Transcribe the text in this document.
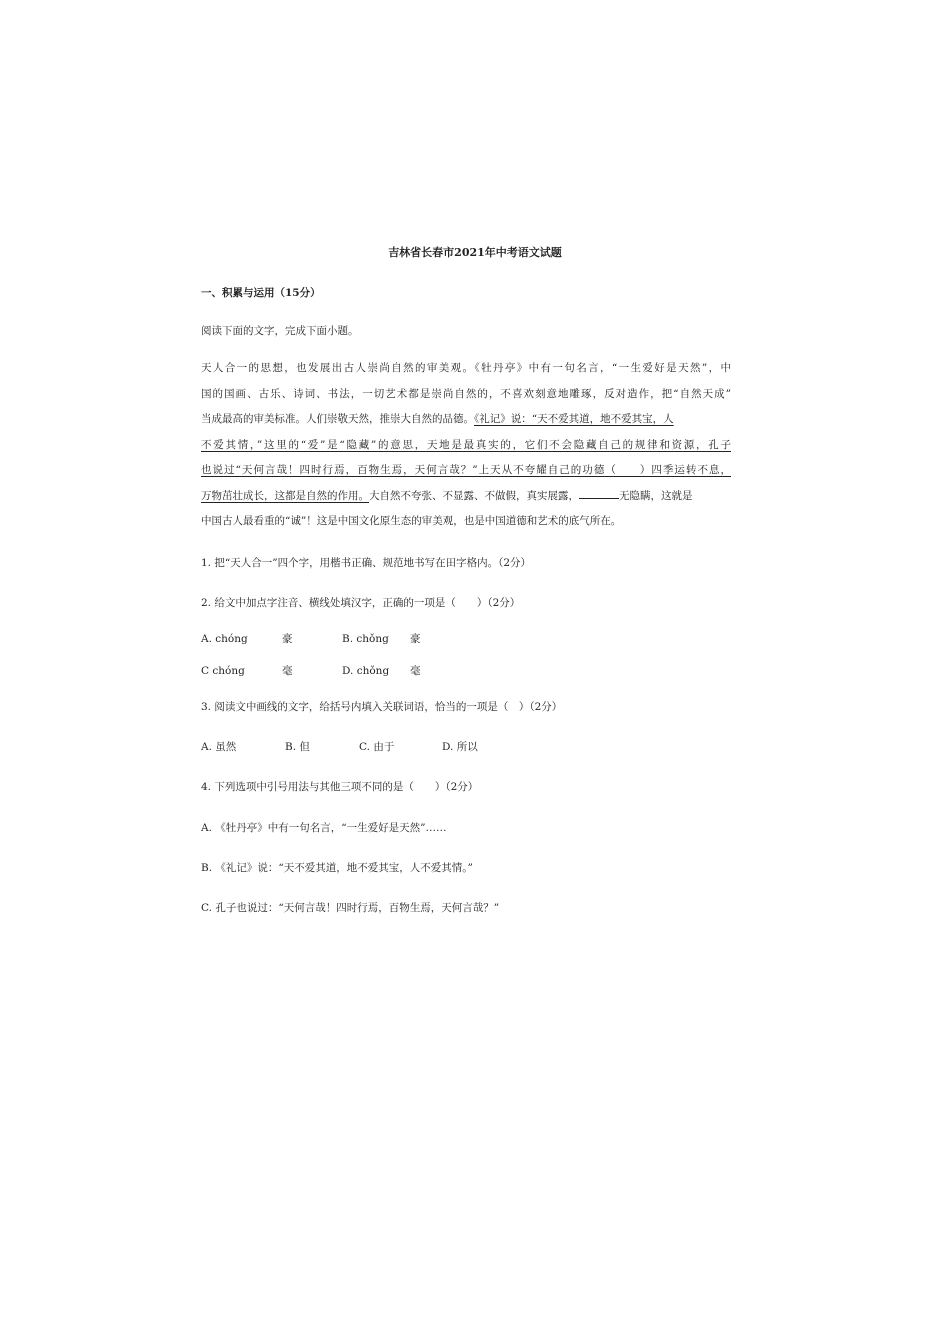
吉林省长春市2021年中考语文试题
一、积累与运用（15分）
阅读下面的文字，完成下面小题。
天人合一的思想，也发展出古人崇尚自然的审美观。《牡丹亭》中有一句名言，“一生爱好是天然”，中
国的国画、古乐、诗词、书法，一切艺术都是崇尚自然的，不喜欢刻意地雕琢，反对造作，把“自然天成”
当成最高的审美标准。人们崇敬天然，推崇大自然的品德。《礼记》说：“天不爱其道，地不爱其宝，人
不爱其情，”这里的“爱”是“隐藏”的意思，天地是最真实的，它们不会隐藏自己的规律和资源，孔子
也说过“天何言哉！四时行焉，百物生焉，天何言哉？”上天从不夸耀自己的功德（　　）四季运转不息，
万物茁壮成长，这都是自然的作用。大自然不夸张、不显露、不做假，真实展露，	无隐瞒，这就是
中国古人最看重的“诚”！这是中国文化原生态的审美观，也是中国道德和艺术的底气所在。
1. 把“天人合一”四个字，用楷书正确、规范地书写在田字格内。（2分）
2. 给文中加点字注音、横线处填汉字，正确的一项是（　　）（2分）
A. chóng	豪	B. chǒng 豪
C chóng	毫	D. chǒng 毫
3. 阅读文中画线的文字，给括号内填入关联词语，恰当的一项是（　）（2分）
A. 虽然	B. 但	C. 由于	D. 所以
4. 下列选项中引号用法与其他三项不同的是（　　）（2分）
A. 《牡丹亭》中有一句名言，“一生爱好是天然”……
B. 《礼记》说：“天不爱其道，地不爱其宝，人不爱其情。”
C. 孔子也说过：“天何言哉！四时行焉，百物生焉，天何言哉？”
